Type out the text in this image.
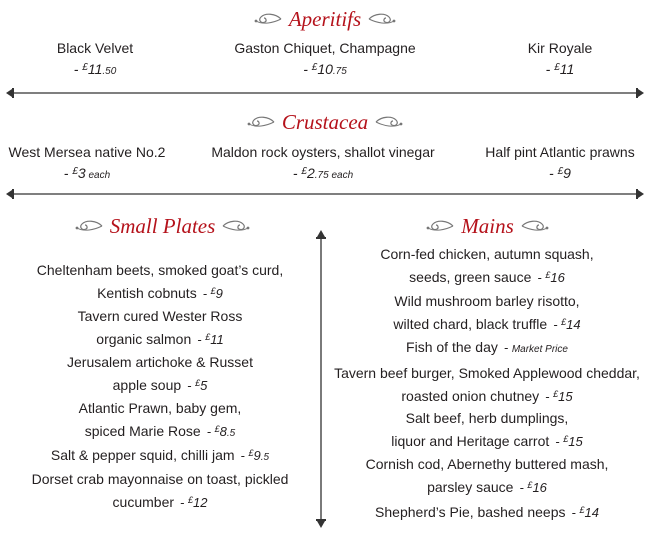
Aperitifs
Black Velvet
- £11.50
Gaston Chiquet, Champagne
- £10.75
Kir Royale
- £11
Crustacea
West Mersea native No.2
- £3 each
Maldon rock oysters, shallot vinegar
- £2.75 each
Half pint Atlantic prawns
- £9
Small Plates	Mains
Cheltenham beets, smoked goat’s curd,
Kentish cobnuts - £9
Tavern cured Wester Ross
organic salmon - £11
Jerusalem artichoke & Russet
apple soup - £5
Atlantic Prawn, baby gem,
spiced Marie Rose - £8.5
Salt & pepper squid, chilli jam - £9.5
Dorset crab mayonnaise on toast, pickled
cucumber - £12
Corn-fed chicken, autumn squash,
seeds, green sauce - £16
Wild mushroom barley risotto,
wilted chard, black truffle - £14
Fish of the day - Market Price
Tavern beef burger, Smoked Applewood cheddar,
roasted onion chutney - £15
Salt beef, herb dumplings,
liquor and Heritage carrot - £15
Cornish cod, Abernethy buttered mash,
parsley sauce - £16
Shepherd’s Pie, bashed neeps - £14
